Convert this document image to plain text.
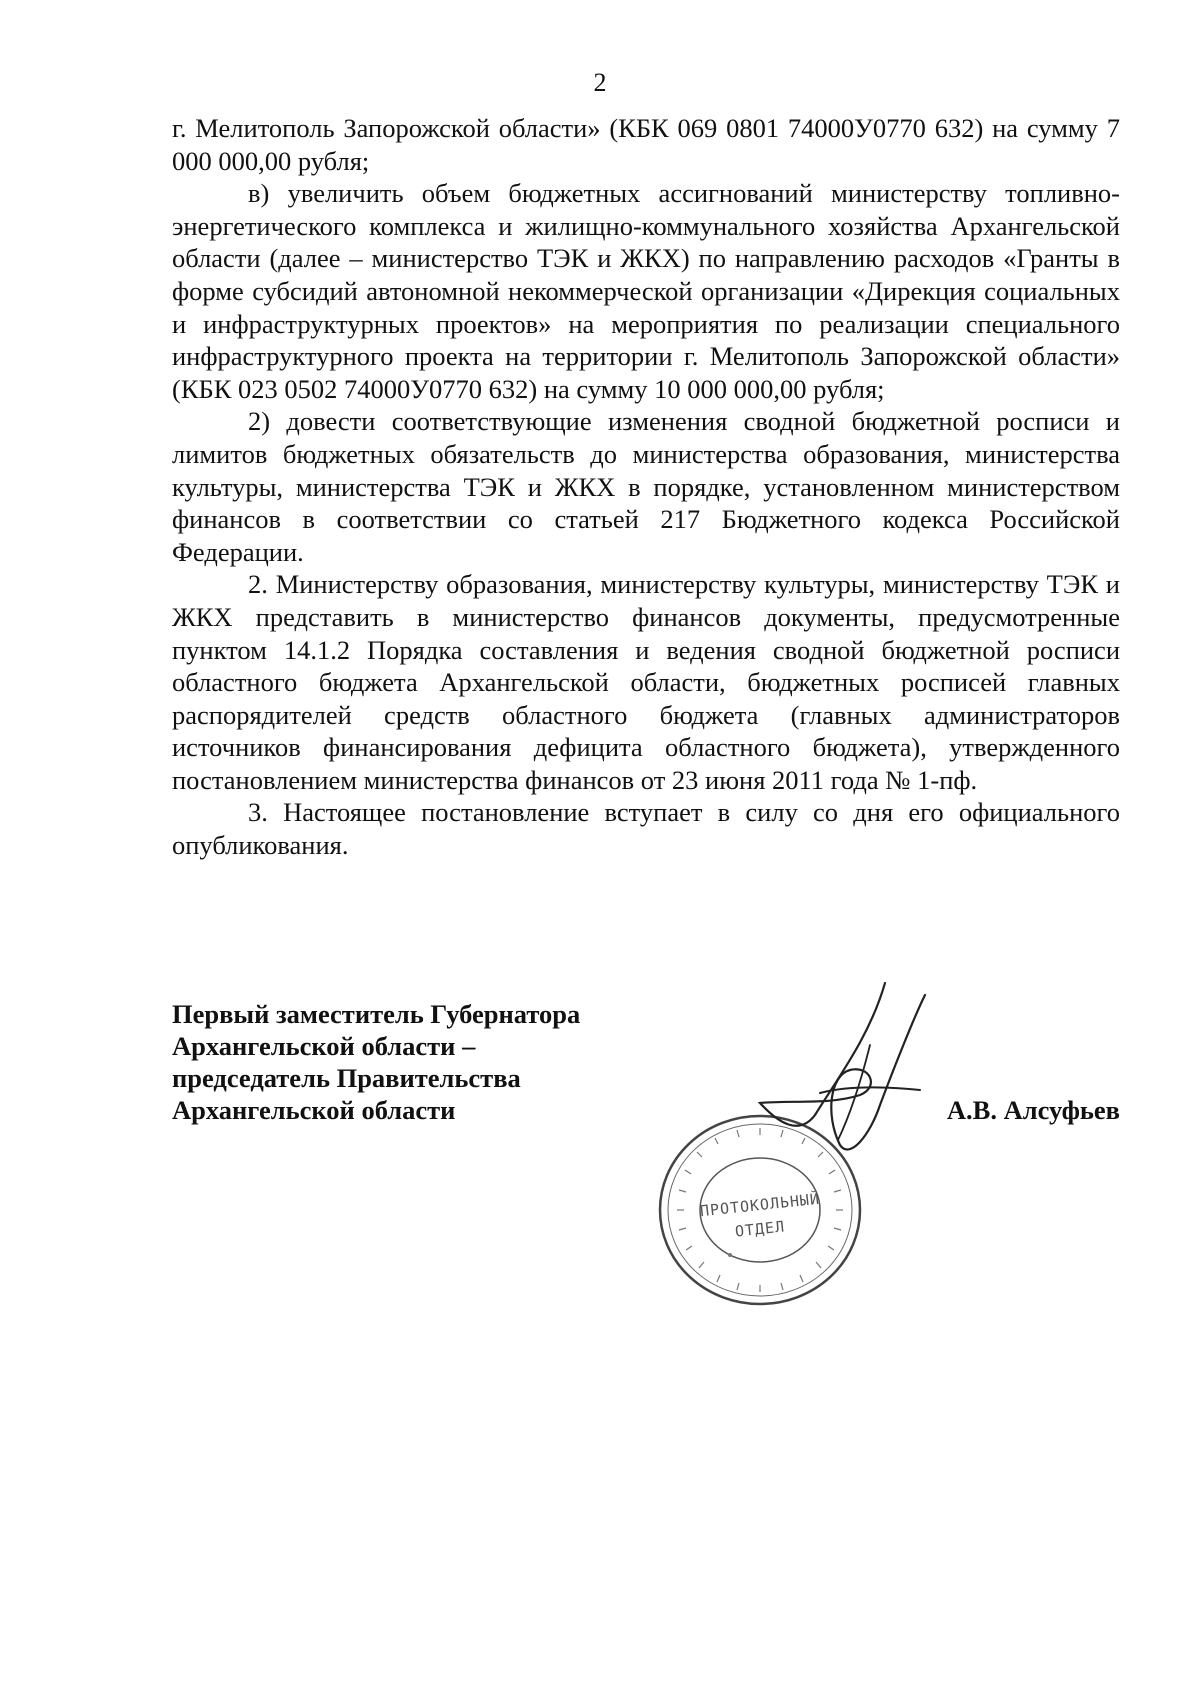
2

г. Мелитополь Запорожской области» (КБК 069 0801 74000У0770 632) на сумму 7 000 000,00 рубля;

в) увеличить объем бюджетных ассигнований министерству топливно-энергетического комплекса и жилищно-коммунального хозяйства Архангельской области (далее – министерство ТЭК и ЖКХ) по направлению расходов «Гранты в форме субсидий автономной некоммерческой организации «Дирекция социальных и инфраструктурных проектов» на мероприятия по реализации специального инфраструктурного проекта на территории г. Мелитополь Запорожской области» (КБК 023 0502 74000У0770 632) на сумму 10 000 000,00 рубля;

2) довести соответствующие изменения сводной бюджетной росписи и лимитов бюджетных обязательств до министерства образования, министерства культуры, министерства ТЭК и ЖКХ в порядке, установленном министерством финансов в соответствии со статьей 217 Бюджетного кодекса Российской Федерации.

2. Министерству образования, министерству культуры, министерству ТЭК и ЖКХ представить в министерство финансов документы, предусмотренные пунктом 14.1.2 Порядка составления и ведения сводной бюджетной росписи областного бюджета Архангельской области, бюджетных росписей главных распорядителей средств областного бюджета (главных администраторов источников финансирования дефицита областного бюджета), утвержденного постановлением министерства финансов от 23 июня 2011 года № 1-пф.

3. Настоящее постановление вступает в силу со дня его официального опубликования.

Первый заместитель Губернатора
Архангельской области –
председатель Правительства
Архангельской области	А.В. Алсуфьев
ПРОТОКОЛЬНЫЙ
ОТДЕЛ
